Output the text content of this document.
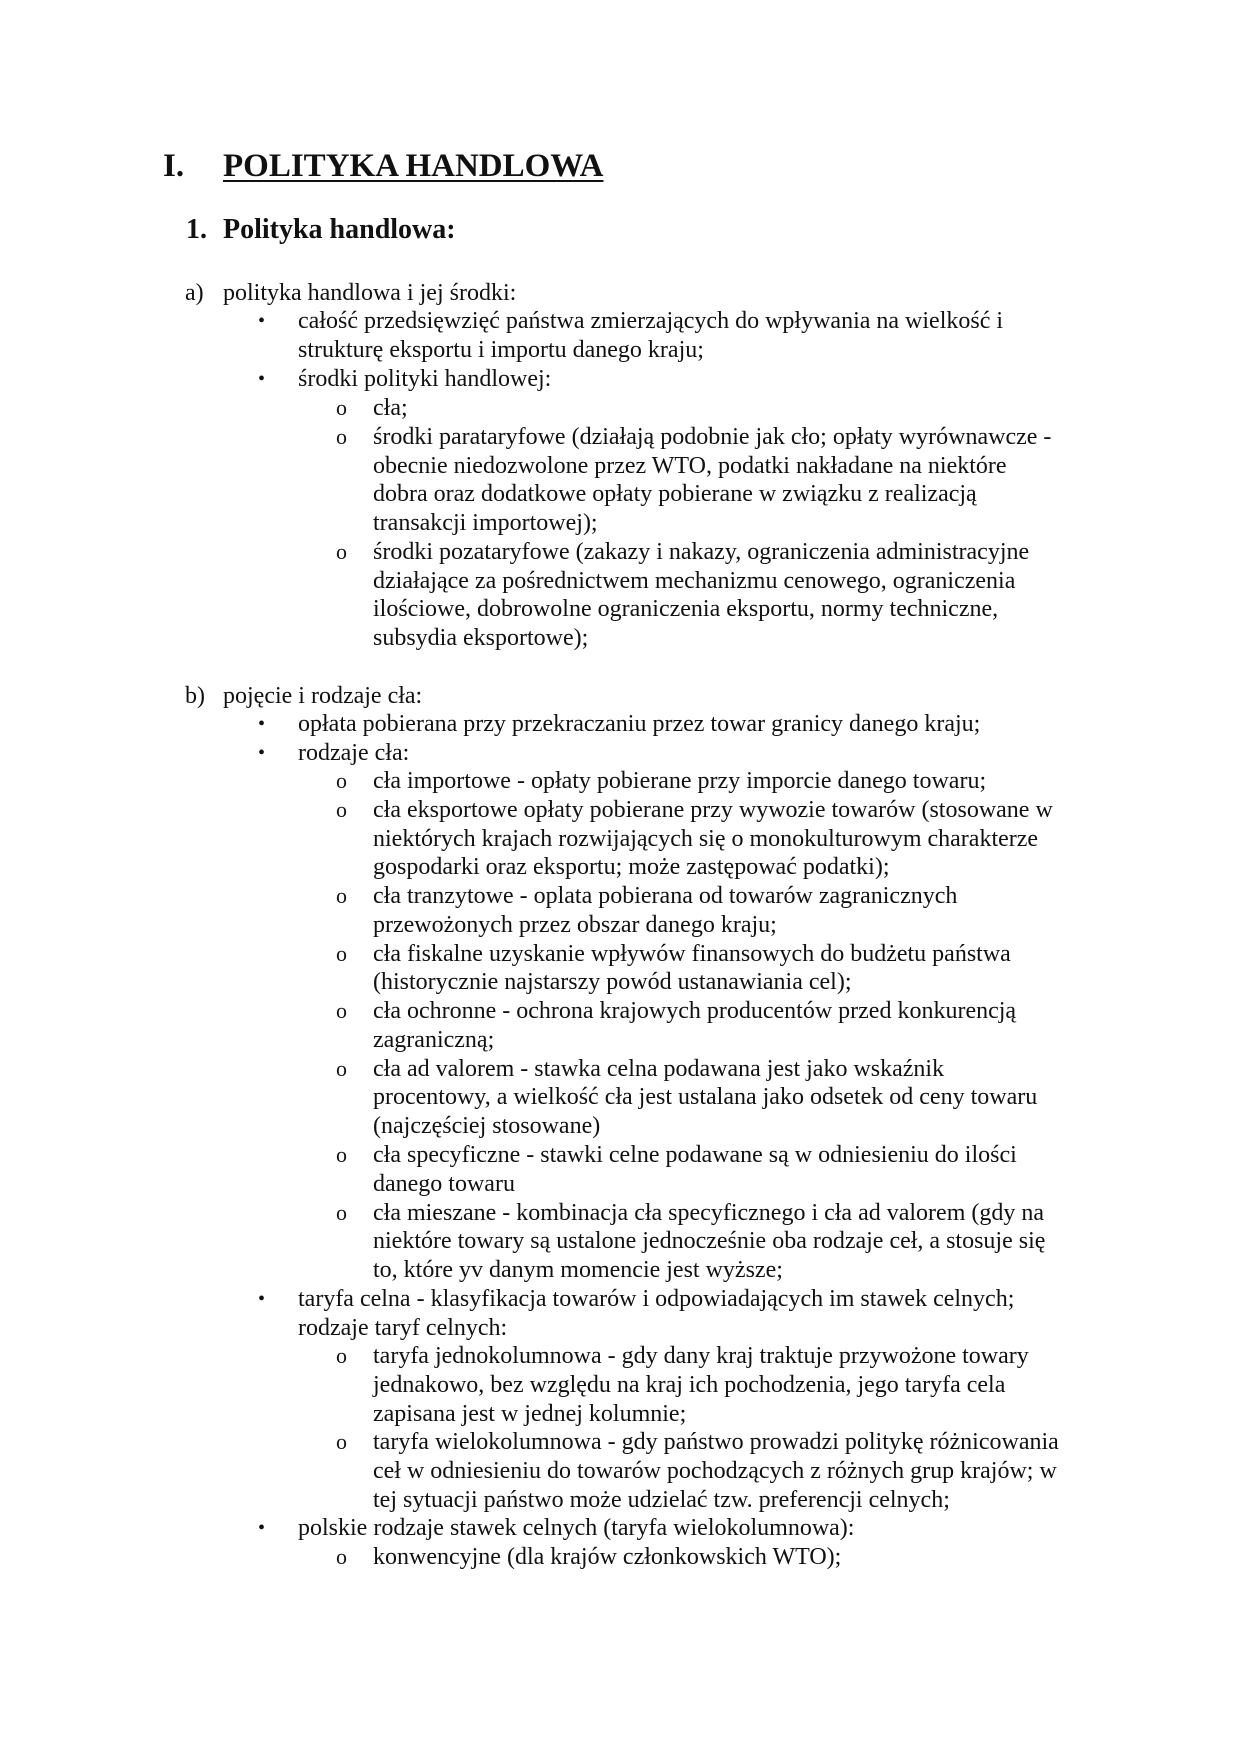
I. POLITYKA HANDLOWA
1. Polityka handlowa:
a) polityka handlowa i jej środki:
• całość przedsięwzięć państwa zmierzających do wpływania na wielkość i
strukturę eksportu i importu danego kraju;
• środki polityki handlowej:
o cła;
o środki parataryfowe (działają podobnie jak cło; opłaty wyrównawcze -
obecnie niedozwolone przez WTO, podatki nakładane na niektóre
dobra oraz dodatkowe opłaty pobierane w związku z realizacją
transakcji importowej);
o środki pozataryfowe (zakazy i nakazy, ograniczenia administracyjne
działające za pośrednictwem mechanizmu cenowego, ograniczenia
ilościowe, dobrowolne ograniczenia eksportu, normy techniczne,
subsydia eksportowe);
b) pojęcie i rodzaje cła:
• opłata pobierana przy przekraczaniu przez towar granicy danego kraju;
• rodzaje cła:
o cła importowe - opłaty pobierane przy imporcie danego towaru;
o cła eksportowe opłaty pobierane przy wywozie towarów (stosowane w
niektórych krajach rozwijających się o monokulturowym charakterze
gospodarki oraz eksportu; może zastępować podatki);
o cła tranzytowe - oplata pobierana od towarów zagranicznych
przewożonych przez obszar danego kraju;
o cła fiskalne uzyskanie wpływów finansowych do budżetu państwa
(historycznie najstarszy powód ustanawiania cel);
o cła ochronne - ochrona krajowych producentów przed konkurencją
zagraniczną;
o cła ad valorem - stawka celna podawana jest jako wskaźnik
procentowy, a wielkość cła jest ustalana jako odsetek od ceny towaru
(najczęściej stosowane)
o cła specyficzne - stawki celne podawane są w odniesieniu do ilości
danego towaru
o cła mieszane - kombinacja cła specyficznego i cła ad valorem (gdy na
niektóre towary są ustalone jednocześnie oba rodzaje ceł, a stosuje się
to, które yv danym momencie jest wyższe;
• taryfa celna - klasyfikacja towarów i odpowiadających im stawek celnych;
rodzaje taryf celnych:
o taryfa jednokolumnowa - gdy dany kraj traktuje przywożone towary
jednakowo, bez względu na kraj ich pochodzenia, jego taryfa cela
zapisana jest w jednej kolumnie;
o taryfa wielokolumnowa - gdy państwo prowadzi politykę różnicowania
ceł w odniesieniu do towarów pochodzących z różnych grup krajów; w
tej sytuacji państwo może udzielać tzw. preferencji celnych;
• polskie rodzaje stawek celnych (taryfa wielokolumnowa):
o konwencyjne (dla krajów członkowskich WTO);
